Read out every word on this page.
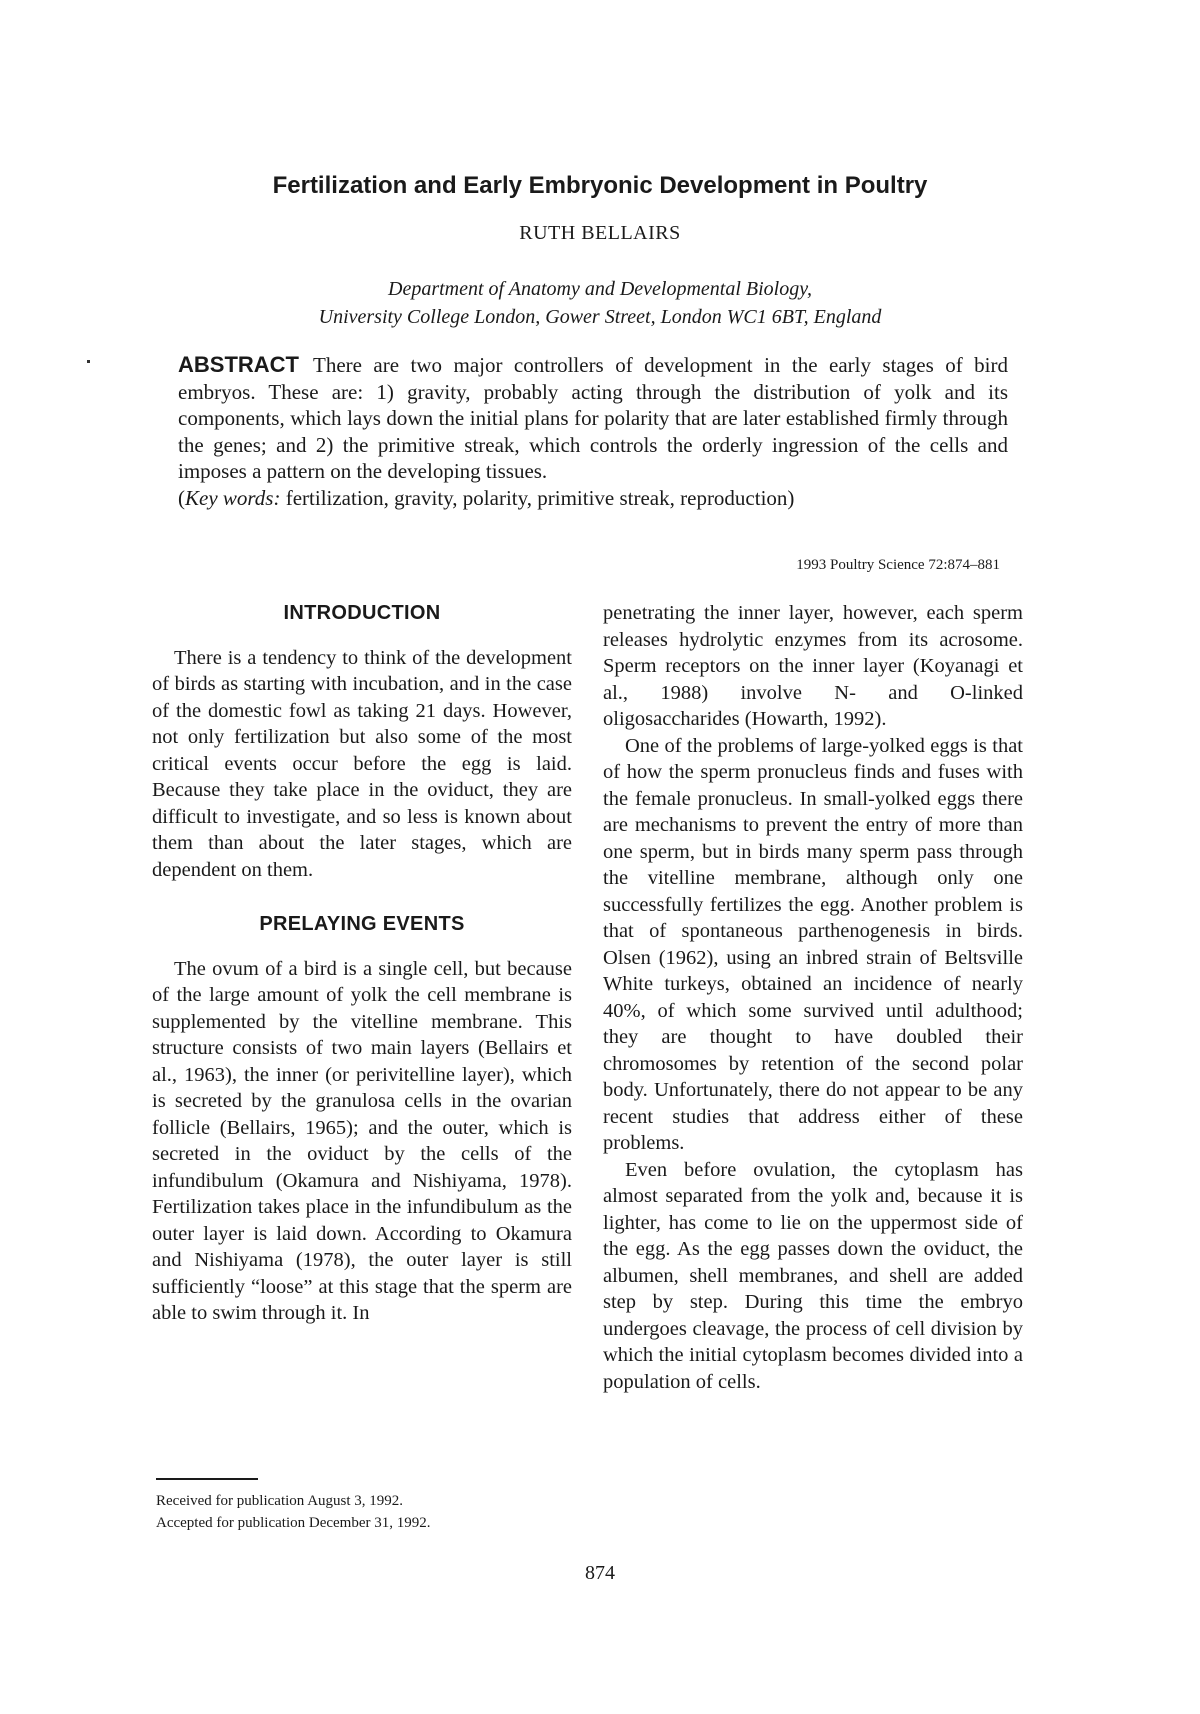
Fertilization and Early Embryonic Development in Poultry

RUTH BELLAIRS

Department of Anatomy and Developmental Biology,
University College London, Gower Street, London WC1 6BT, England

ABSTRACT There are two major controllers of development in the early stages of bird embryos. These are: 1) gravity, probably acting through the distribution of yolk and its components, which lays down the initial plans for polarity that are later established firmly through the genes; and 2) the primitive streak, which controls the orderly ingression of the cells and imposes a pattern on the developing tissues.

(Key words: fertilization, gravity, polarity, primitive streak, reproduction)

1993 Poultry Science 72:874–881

INTRODUCTION

There is a tendency to think of the development of birds as starting with incubation, and in the case of the domestic fowl as taking 21 days. However, not only fertilization but also some of the most critical events occur before the egg is laid. Because they take place in the oviduct, they are difficult to investigate, and so less is known about them than about the later stages, which are dependent on them.

PRELAYING EVENTS

The ovum of a bird is a single cell, but because of the large amount of yolk the cell membrane is supplemented by the vitelline membrane. This structure consists of two main layers (Bellairs et al., 1963), the inner (or perivitelline layer), which is secreted by the granulosa cells in the ovarian follicle (Bellairs, 1965); and the outer, which is secreted in the oviduct by the cells of the infundibulum (Okamura and Nishiyama, 1978). Fertilization takes place in the infundibulum as the outer layer is laid down. According to Okamura and Nishiyama (1978), the outer layer is still sufficiently “loose” at this stage that the sperm are able to swim through it. In

penetrating the inner layer, however, each sperm releases hydrolytic enzymes from its acrosome. Sperm receptors on the inner layer (Koyanagi et al., 1988) involve N- and O-linked oligosaccharides (Howarth, 1992).

One of the problems of large-yolked eggs is that of how the sperm pronucleus finds and fuses with the female pronucleus. In small-yolked eggs there are mechanisms to prevent the entry of more than one sperm, but in birds many sperm pass through the vitelline membrane, although only one successfully fertilizes the egg. Another problem is that of spontaneous parthenogenesis in birds. Olsen (1962), using an inbred strain of Beltsville White turkeys, obtained an incidence of nearly 40%, of which some survived until adulthood; they are thought to have doubled their chromosomes by retention of the second polar body. Unfortunately, there do not appear to be any recent studies that address either of these problems.

Even before ovulation, the cytoplasm has almost separated from the yolk and, because it is lighter, has come to lie on the uppermost side of the egg. As the egg passes down the oviduct, the albumen, shell membranes, and shell are added step by step. During this time the embryo undergoes cleavage, the process of cell division by which the initial cytoplasm becomes divided into a population of cells.

Received for publication August 3, 1992.

Accepted for publication December 31, 1992.

874
